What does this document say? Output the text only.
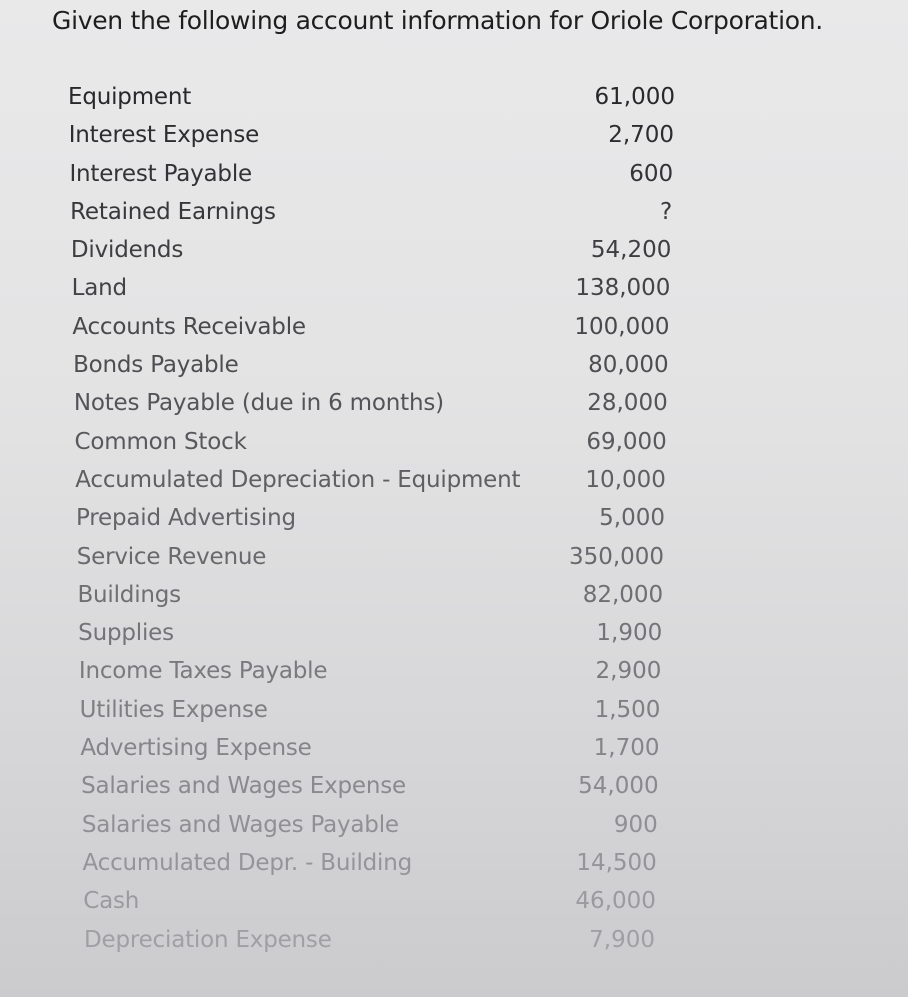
Given the following account information for Oriole Corporation.
Equipment	61,000
Interest Expense	2,700
Interest Payable	600
Retained Earnings	?
Dividends	54,200
Land	138,000
Accounts Receivable	100,000
Bonds Payable	80,000
Notes Payable (due in 6 months)	28,000
Common Stock	69,000
Accumulated Depreciation - Equipment	10,000
Prepaid Advertising	5,000
Service Revenue	350,000
Buildings	82,000
Supplies	1,900
Income Taxes Payable	2,900
Utilities Expense	1,500
Advertising Expense	1,700
Salaries and Wages Expense	54,000
Salaries and Wages Payable	900
Accumulated Depr. - Building	14,500
Cash	46,000
Depreciation Expense	7,900
